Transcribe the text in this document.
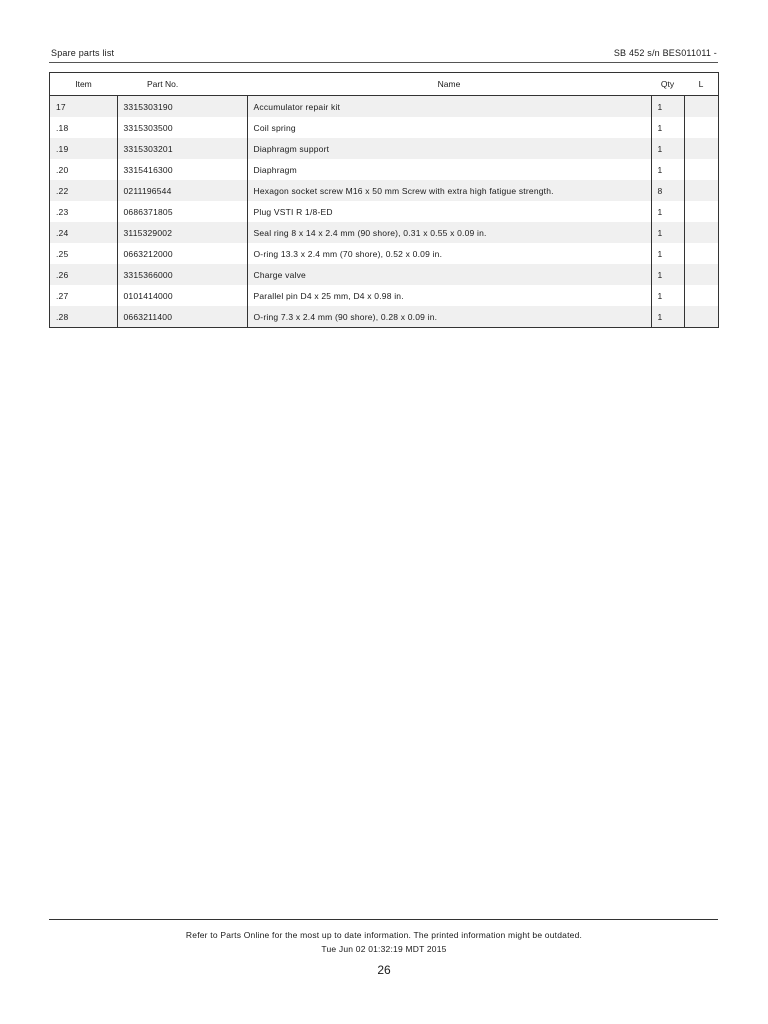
Spare parts list	SB 452 s/n BES011011 -
Item	Part No.	Name	Qty	L
17	3315303190	Accumulator repair kit	1	
.18	3315303500	Coil spring	1	
.19	3315303201	Diaphragm support	1	
.20	3315416300	Diaphragm	1	
.22	0211196544	Hexagon socket screw M16 x 50 mm Screw with extra high fatigue strength.	8	
.23	0686371805	Plug VSTI R 1/8-ED	1	
.24	3115329002	Seal ring 8 x 14 x 2.4 mm (90 shore), 0.31 x 0.55 x 0.09 in.	1	
.25	0663212000	O-ring 13.3 x 2.4 mm (70 shore), 0.52 x 0.09 in.	1	
.26	3315366000	Charge valve	1	
.27	0101414000	Parallel pin D4 x 25 mm, D4 x 0.98 in.	1	
.28	0663211400	O-ring 7.3 x 2.4 mm (90 shore), 0.28 x 0.09 in.	1	
Refer to Parts Online for the most up to date information. The printed information might be outdated.
Tue Jun 02 01:32:19 MDT 2015
26
